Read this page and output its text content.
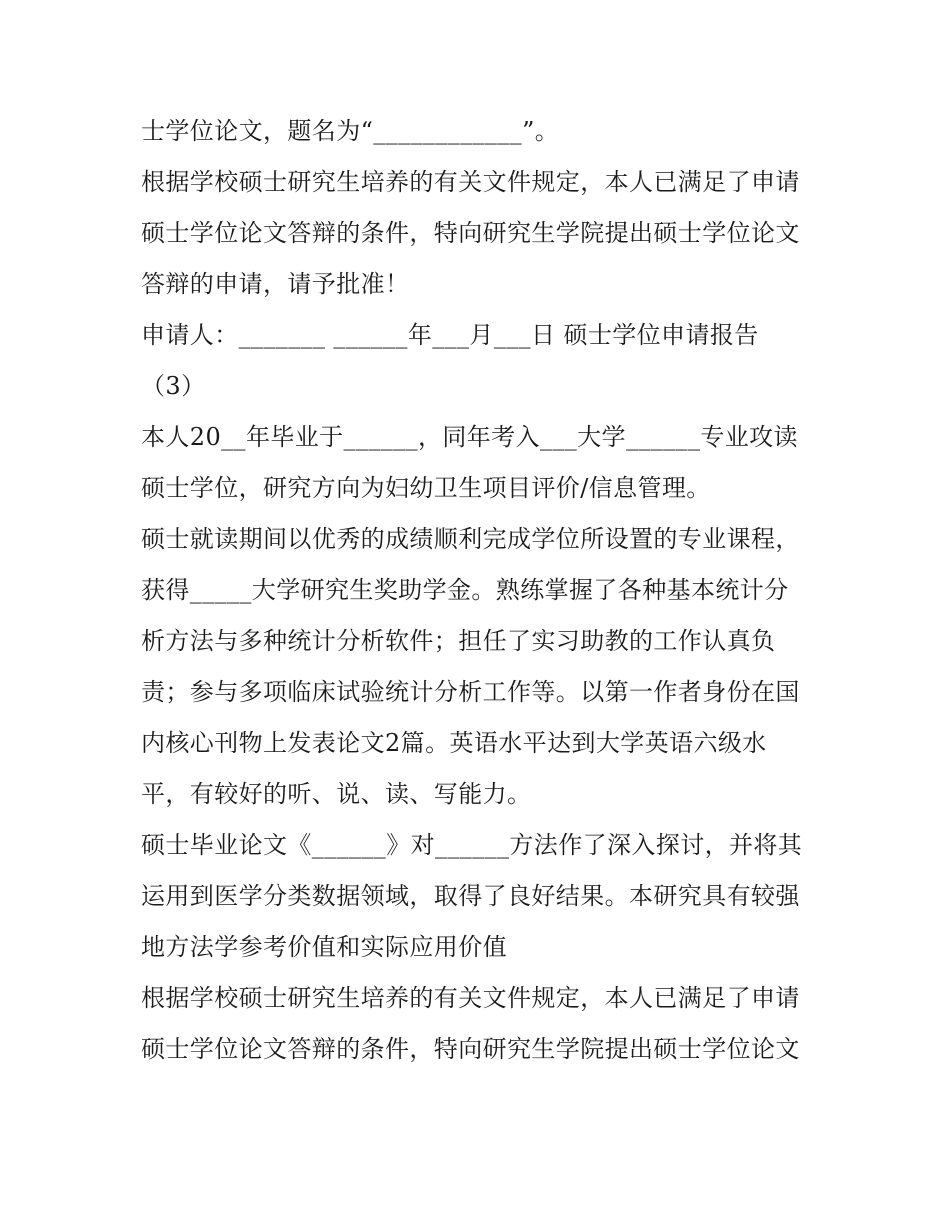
士学位论文，题名为“____________”。
根据学校硕士研究生培养的有关文件规定，本人已满足了申请
硕士学位论文答辩的条件，特向研究生学院提出硕士学位论文
答辩的申请，请予批准！
申请人：_______ ______年___月___日 硕士学位申请报告
（3）
本人20__年毕业于______，同年考入___大学______专业攻读
硕士学位，研究方向为妇幼卫生项目评价/信息管理。
硕士就读期间以优秀的成绩顺利完成学位所设置的专业课程，
获得_____大学研究生奖助学金。熟练掌握了各种基本统计分
析方法与多种统计分析软件；担任了实习助教的工作认真负
责；参与多项临床试验统计分析工作等。以第一作者身份在国
内核心刊物上发表论文2篇。英语水平达到大学英语六级水
平，有较好的听、说、读、写能力。
硕士毕业论文《______》对______方法作了深入探讨，并将其
运用到医学分类数据领域，取得了良好结果。本研究具有较强
地方法学参考价值和实际应用价值
根据学校硕士研究生培养的有关文件规定，本人已满足了申请
硕士学位论文答辩的条件，特向研究生学院提出硕士学位论文
